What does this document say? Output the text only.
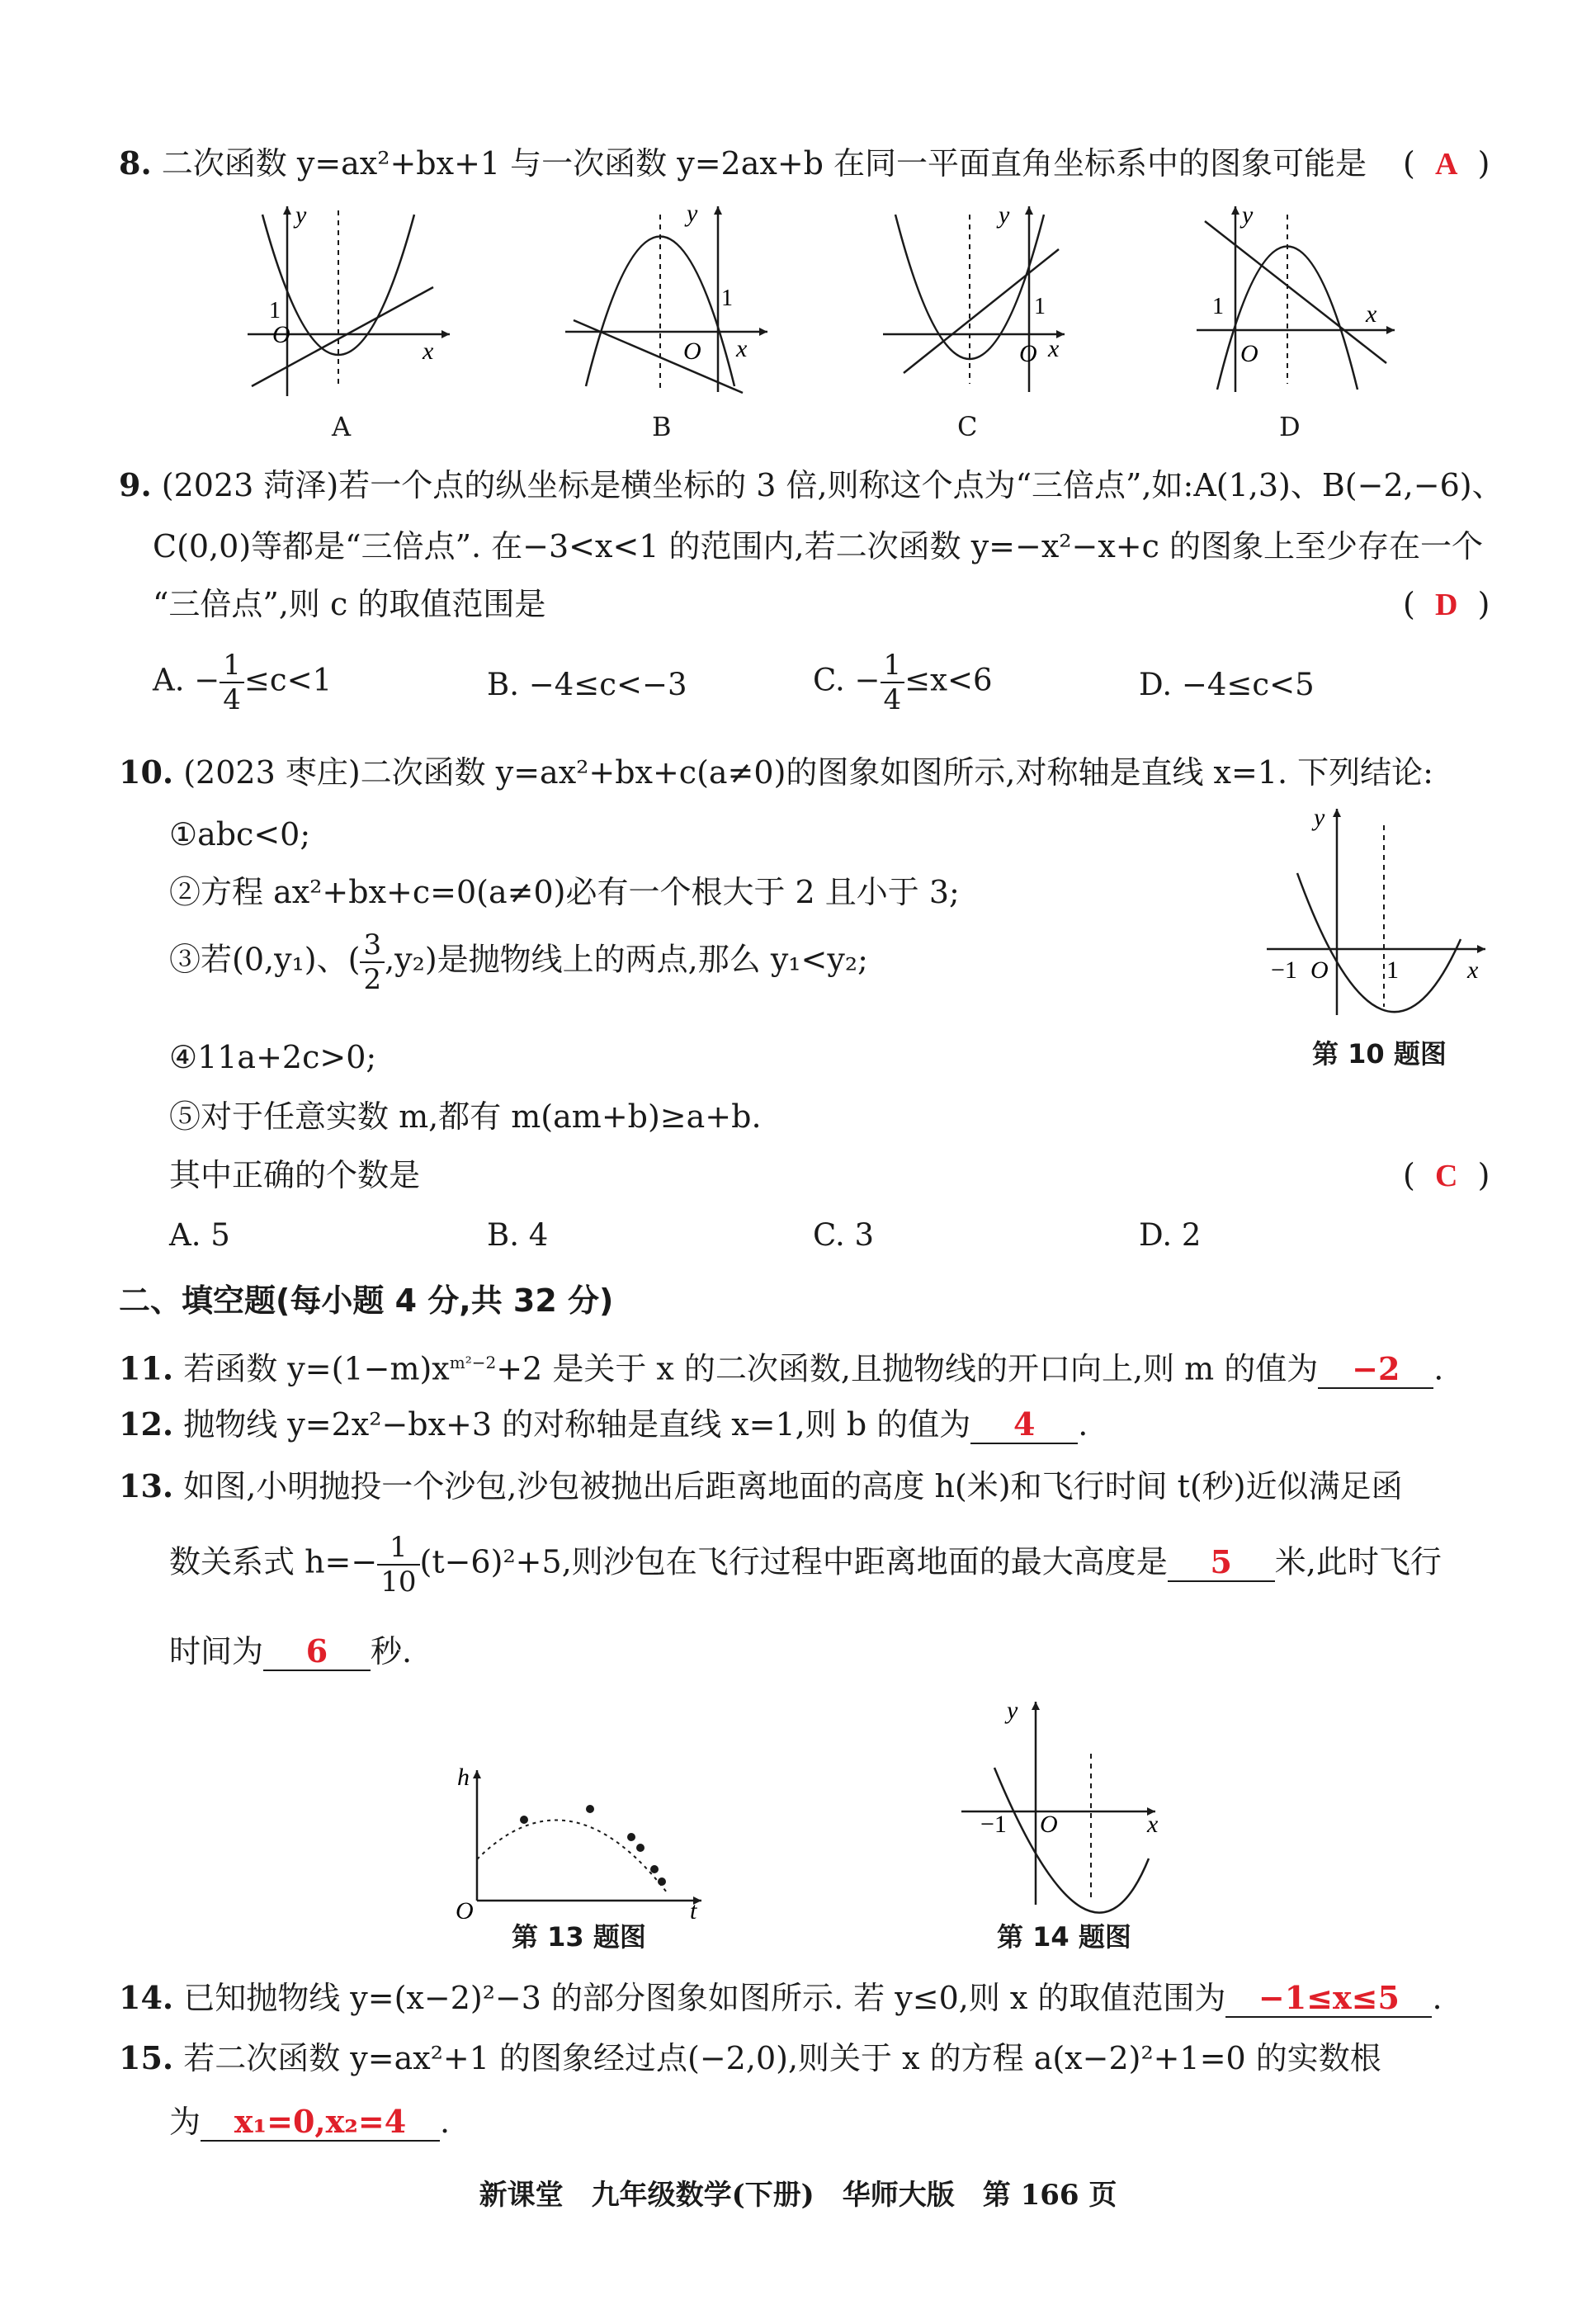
8. 二次函数 y=ax²+bx+1 与一次函数 y=2ax+b 在同一平面直角坐标系中的图象可能是 (  A  )
O
1
x
y
A
O
1
x
y
B
O
1
x
y
C
O
1	x
y
D
9. (2023 菏泽)若一个点的纵坐标是横坐标的 3 倍,则称这个点为“三倍点”,如:A(1,3)、B(−2,−6)、
C(0,0)等都是“三倍点”. 在−3<x<1 的范围内,若二次函数 y=−x²−x+c 的图象上至少存在一个
“三倍点”,则 c 的取值范围是	(  D  )
A. − $\frac{1}{4} \le c<1$	B. −4≤c<−3	C. − $\frac{1}{4} \le x<6$	D. −4≤c<5
10. (2023 枣庄)二次函数 y=ax²+bx+c(a≠0)的图象如图所示,对称轴是直线 x=1. 下列结论:
①abc<0;
②方程 ax²+bx+c=0(a≠0)必有一个根大于 2 且小于 3;
③若(0,y₁)、( $\frac{3}{2} ,y_2$)是抛物线上的两点,那么 y₁<y₂;
④11a+2c>0;
⑤对于任意实数 m,都有 m(am+b)≥a+b.
其中正确的个数是	(  C  )
A. 5	B. 4	C. 3	D. 2
−1 O 1	x
y
第 10 题图
二、填空题(每小题 4 分,共 32 分)
11. 若函数 $y=(1-m)x^{m^2-2}+2$ 是关于 x 的二次函数,且抛物线的开口向上,则 m 的值为 −2 .
12. 抛物线 y=2x²−bx+3 的对称轴是直线 x=1,则 b 的值为 4 .
13. 如图,小明抛投一个沙包,沙包被抛出后距离地面的高度 h(米)和飞行时间 t(秒)近似满足函
数关系式 $h=- \frac{1}{10} (t-6)^2+5$,则沙包在飞行过程中距离地面的最大高度是 5 米,此时飞行
时间为 6 秒.
h
O	t
第 13 题图
−1 O	x
y
第 14 题图
14. 已知抛物线 y=(x−2)²−3 的部分图象如图所示. 若 y≤0,则 x 的取值范围为 −1≤x≤5 .
15. 若二次函数 y=ax²+1 的图象经过点(−2,0),则关于 x 的方程 a(x−2)²+1=0 的实数根
为 x₁=0,x₂=4 .
新课堂　九年级数学(下册)　华师大版　第 166 页
